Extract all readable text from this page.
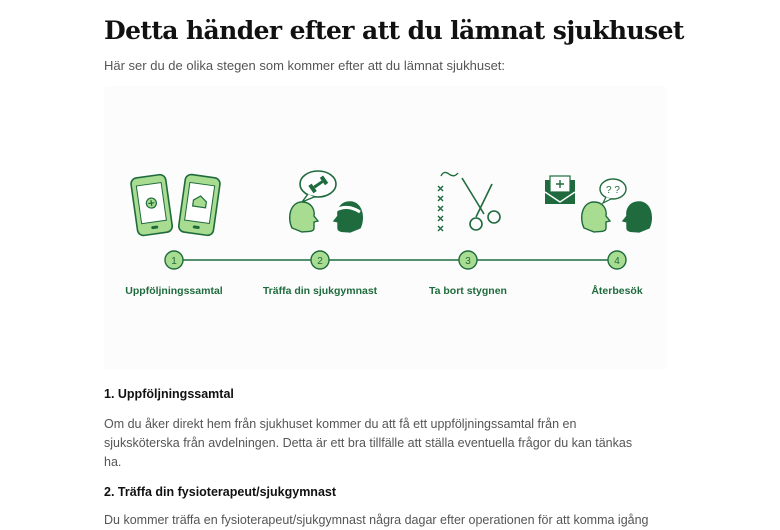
Detta händer efter att du lämnat sjukhuset

Här ser du de olika stegen som kommer efter att du lämnat sjukhuset:

? ?
1	2	3	4
Uppföljningssamtal	Träffa din sjukgymnast	Ta bort stygnen	Återbesök
1. Uppföljningssamtal
Om du åker direkt hem från sjukhuset kommer du att få ett uppföljningssamtal från en
sjuksköterska från avdelningen. Detta är ett bra tillfälle att ställa eventuella frågor du kan tänkas
ha.
2. Träffa din fysioterapeut/sjukgymnast
Du kommer träffa en fysioterapeut/sjukgymnast några dagar efter operationen för att komma igång
